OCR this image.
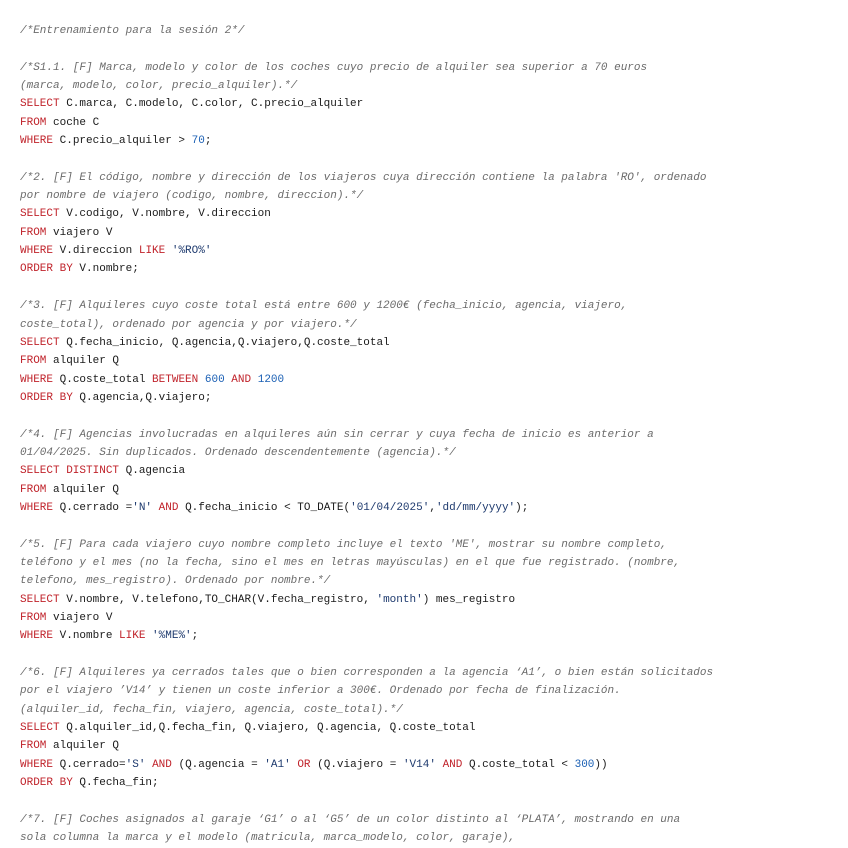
/*Entrenamiento para la sesión 2*/
/*S1.1. [F] Marca, modelo y color de los coches cuyo precio de alquiler sea superior a 70 euros
(marca, modelo, color, precio_alquiler).*/
SELECT C.marca, C.modelo, C.color, C.precio_alquiler
FROM coche C
WHERE C.precio_alquiler > 70;
/*2. [F] El código, nombre y dirección de los viajeros cuya dirección contiene la palabra 'RO', ordenado
por nombre de viajero (codigo, nombre, direccion).*/
SELECT V.codigo, V.nombre, V.direccion
FROM viajero V
WHERE V.direccion LIKE '%RO%'
ORDER BY V.nombre;
/*3. [F] Alquileres cuyo coste total está entre 600 y 1200€ (fecha_inicio, agencia, viajero,
coste_total), ordenado por agencia y por viajero.*/
SELECT Q.fecha_inicio, Q.agencia,Q.viajero,Q.coste_total
FROM alquiler Q
WHERE Q.coste_total BETWEEN 600 AND 1200
ORDER BY Q.agencia,Q.viajero;
/*4. [F] Agencias involucradas en alquileres aún sin cerrar y cuya fecha de inicio es anterior a
01/04/2025. Sin duplicados. Ordenado descendentemente (agencia).*/
SELECT DISTINCT Q.agencia
FROM alquiler Q
WHERE Q.cerrado ='N' AND Q.fecha_inicio < TO_DATE('01/04/2025','dd/mm/yyyy');
/*5. [F] Para cada viajero cuyo nombre completo incluye el texto 'ME', mostrar su nombre completo,
teléfono y el mes (no la fecha, sino el mes en letras mayúsculas) en el que fue registrado. (nombre,
telefono, mes_registro). Ordenado por nombre.*/
SELECT V.nombre, V.telefono,TO_CHAR(V.fecha_registro, 'month') mes_registro
FROM viajero V
WHERE V.nombre LIKE '%ME%';
/*6. [F] Alquileres ya cerrados tales que o bien corresponden a la agencia ‘A1’, o bien están solicitados
por el viajero ’V14’ y tienen un coste inferior a 300€. Ordenado por fecha de finalización.
(alquiler_id, fecha_fin, viajero, agencia, coste_total).*/
SELECT Q.alquiler_id,Q.fecha_fin, Q.viajero, Q.agencia, Q.coste_total
FROM alquiler Q
WHERE Q.cerrado='S' AND (Q.agencia = 'A1' OR (Q.viajero = 'V14' AND Q.coste_total < 300))
ORDER BY Q.fecha_fin;
/*7. [F] Coches asignados al garaje ‘G1’ o al ‘G5’ de un color distinto al ‘PLATA’, mostrando en una
sola columna la marca y el modelo (matricula, marca_modelo, color, garaje),
